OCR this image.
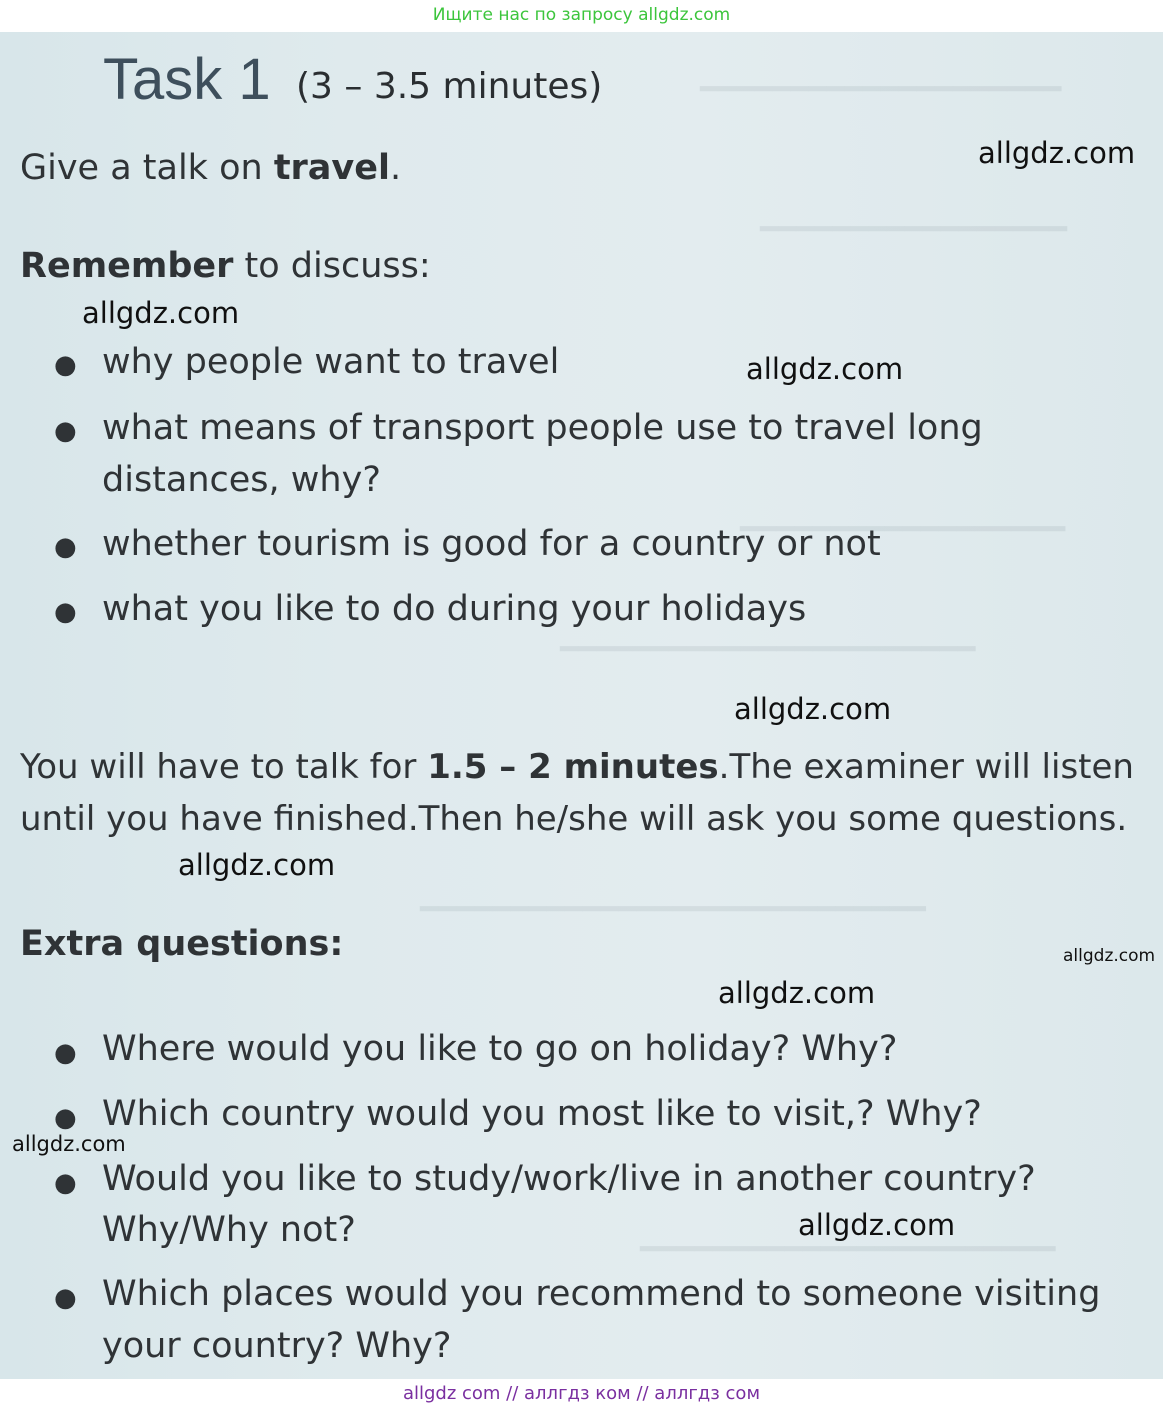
Ищите нас по запросу allgdz.com
━━━━━━━━━━━━━━━━━━━━
━━━━━━━━━━━━━━━━━
━━━━━━━━━━━━━━━━━━
━━━━━━━━━━━━━━━━━━━━━━━
━━━━━━━━━━━━━━━━━━━━━━━━━━━━
━━━━━━━━━━━━━━━━━━━━━━━
Task 1 (3 – 3.5 minutes)
Give a talk on travel.
Remember to discuss:
● why people want to travel
● what means of transport people use to travel long
distances, why?
● whether tourism is good for a country or not
● what you like to do during your holidays
You will have to talk for 1.5 – 2 minutes.The examiner will listen
until you have finished.Then he/she will ask you some questions.
Extra questions:
● Where would you like to go on holiday? Why?
● Which country would you most like to visit,? Why?
● Would you like to study/work/live in another country?
Why/Why not?
● Which places would you recommend to someone visiting
your country? Why?
allgdz.com
allgdz.com
allgdz.com
allgdz.com
allgdz.com
allgdz.com
allgdz.com
allgdz.com
allgdz.com
allgdz com // аллгдз ком // аллгдз сом
